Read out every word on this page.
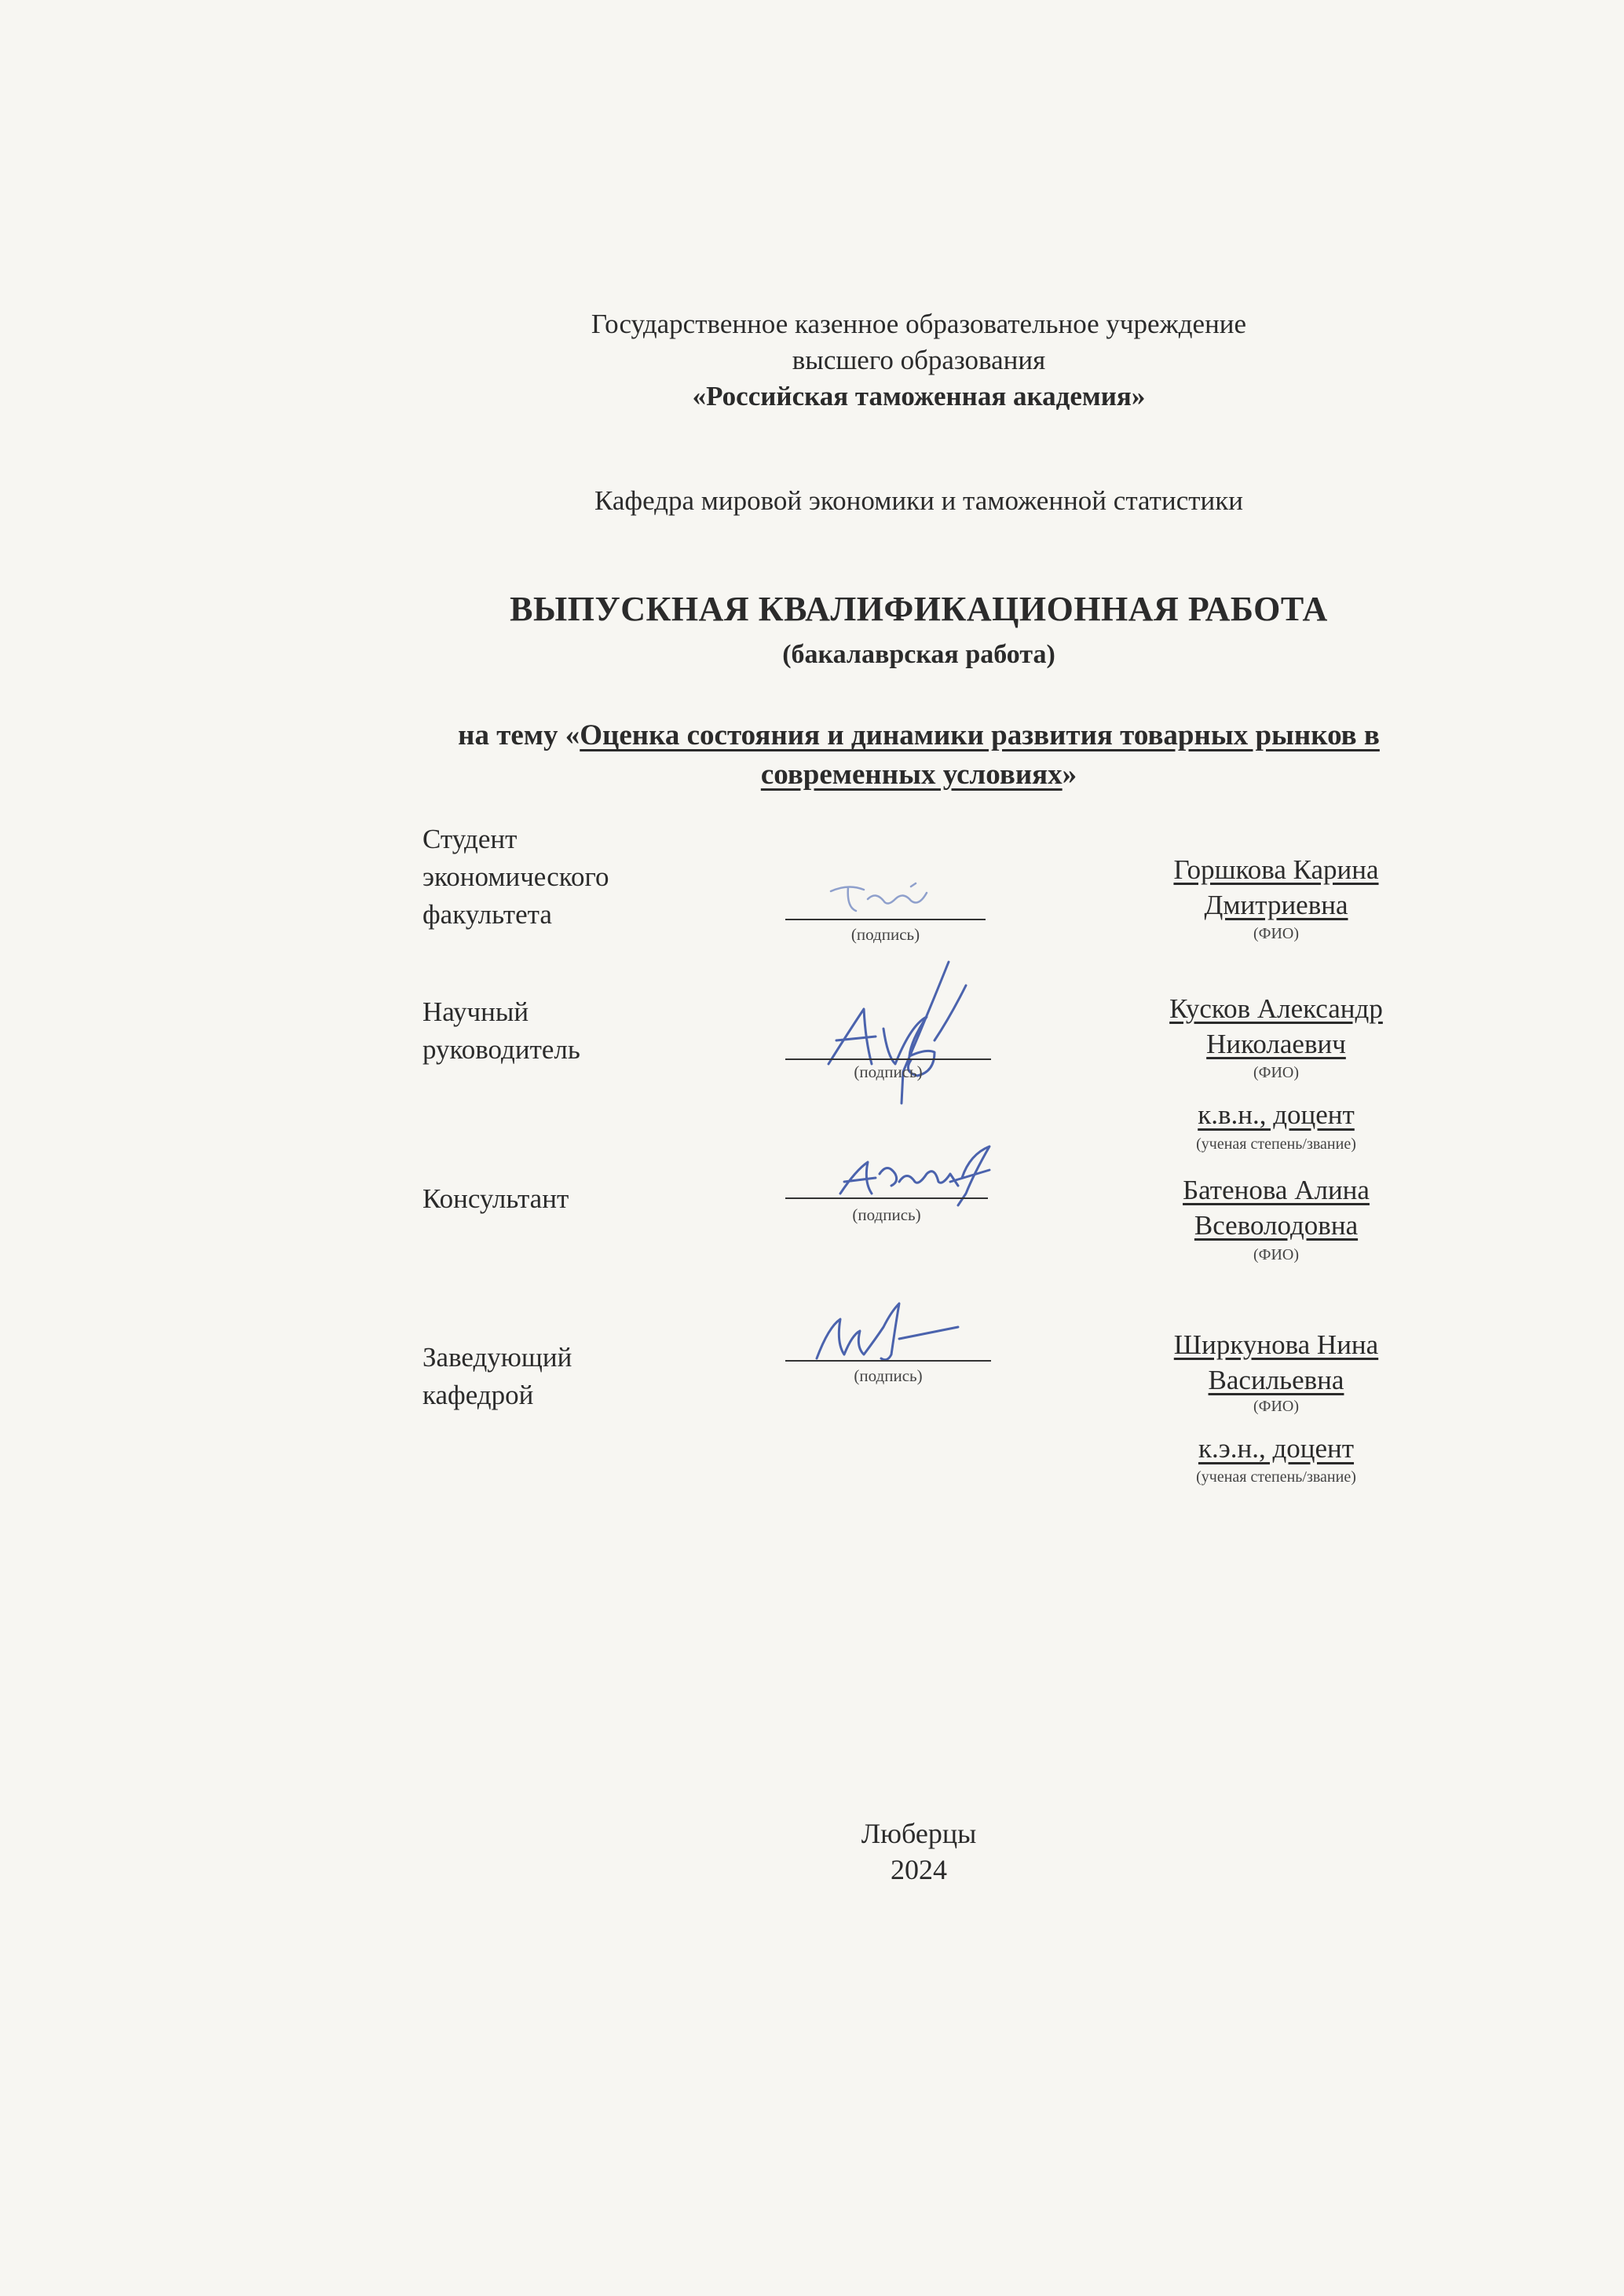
Государственное казенное образовательное учреждение
высшего образования
«Российская таможенная академия»
Кафедра мировой экономики и таможенной статистики
ВЫПУСКНАЯ КВАЛИФИКАЦИОННАЯ РАБОТА
(бакалаврская работа)
на тему «Оценка состояния и динамики развития товарных рынков в
современных условиях»
Студент
экономического
факультета
(подпись)
Горшкова Карина
Дмитриевна
(ФИО)
Научный
руководитель
(подпись)
Кусков Александр
Николаевич
(ФИО)
к.в.н., доцент
(ученая степень/звание)
Консультант
(подпись)
Батенова Алина
Всеволодовна
(ФИО)
Заведующий
кафедрой
(подпись)
Ширкунова Нина
Васильевна
(ФИО)
к.э.н., доцент
(ученая степень/звание)
Люберцы
2024
